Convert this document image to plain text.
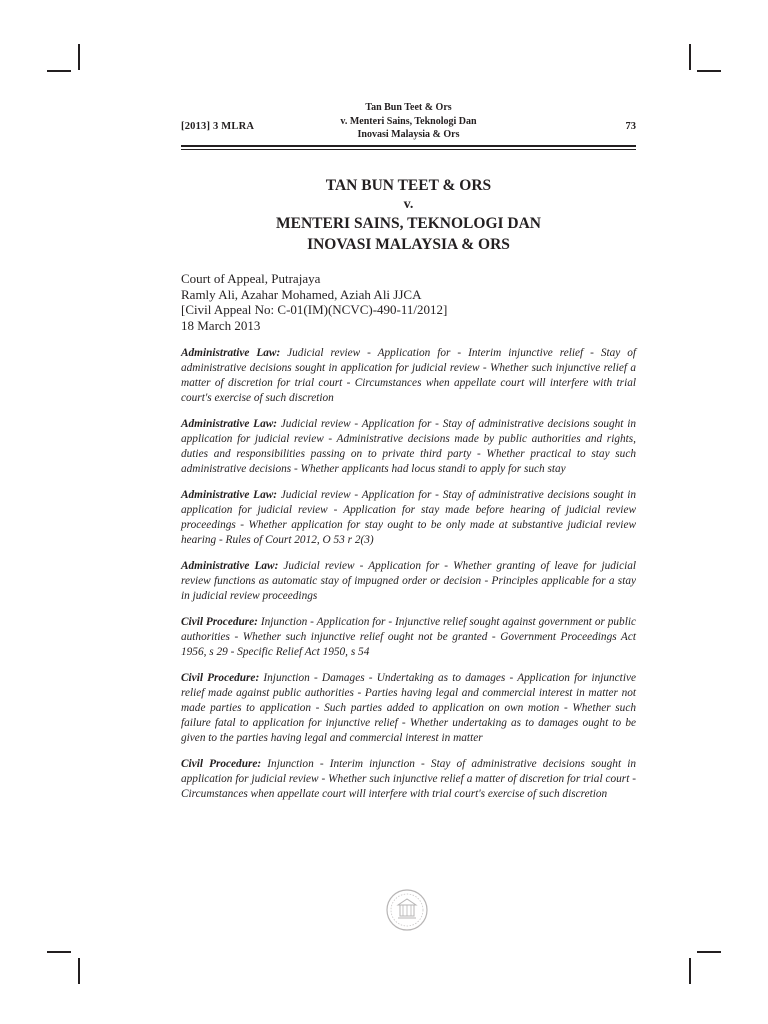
[2013] 3 MLRA
Tan Bun Teet & Ors
v. Menteri Sains, Teknologi Dan
Inovasi Malaysia & Ors
73
TAN BUN TEET & ORS
v.
MENTERI SAINS, TEKNOLOGI DAN
INOVASI MALAYSIA & ORS
Court of Appeal, Putrajaya
Ramly Ali, Azahar Mohamed, Aziah Ali JJCA
[Civil Appeal No: C-01(IM)(NCVC)-490-11/2012]
18 March 2013

Administrative Law: Judicial review - Application for - Interim injunctive relief - Stay of administrative decisions sought in application for judicial review - Whether such injunctive relief a matter of discretion for trial court - Circumstances when appellate court will interfere with trial court's exercise of such discretion

Administrative Law: Judicial review - Application for - Stay of administrative decisions sought in application for judicial review - Administrative decisions made by public authorities and rights, duties and responsibilities passing on to private third party - Whether practical to stay such administrative decisions - Whether applicants had locus standi to apply for such stay

Administrative Law: Judicial review - Application for - Stay of administrative decisions sought in application for judicial review - Application for stay made before hearing of judicial review proceedings - Whether application for stay ought to be only made at substantive judicial review hearing - Rules of Court 2012, O 53 r 2(3)

Administrative Law: Judicial review - Application for - Whether granting of leave for judicial review functions as automatic stay of impugned order or decision - Principles applicable for a stay in judicial review proceedings

Civil Procedure: Injunction - Application for - Injunctive relief sought against government or public authorities - Whether such injunctive relief ought not be granted - Government Proceedings Act 1956, s 29 - Specific Relief Act 1950, s 54

Civil Procedure: Injunction - Damages - Undertaking as to damages - Application for injunctive relief made against public authorities - Parties having legal and commercial interest in matter not made parties to application - Such parties added to application on own motion - Whether such failure fatal to application for injunctive relief - Whether undertaking as to damages ought to be given to the parties having legal and commercial interest in matter

Civil Procedure: Injunction - Interim injunction - Stay of administrative decisions sought in application for judicial review - Whether such injunctive relief a matter of discretion for trial court - Circumstances when appellate court will interfere with trial court's exercise of such discretion
